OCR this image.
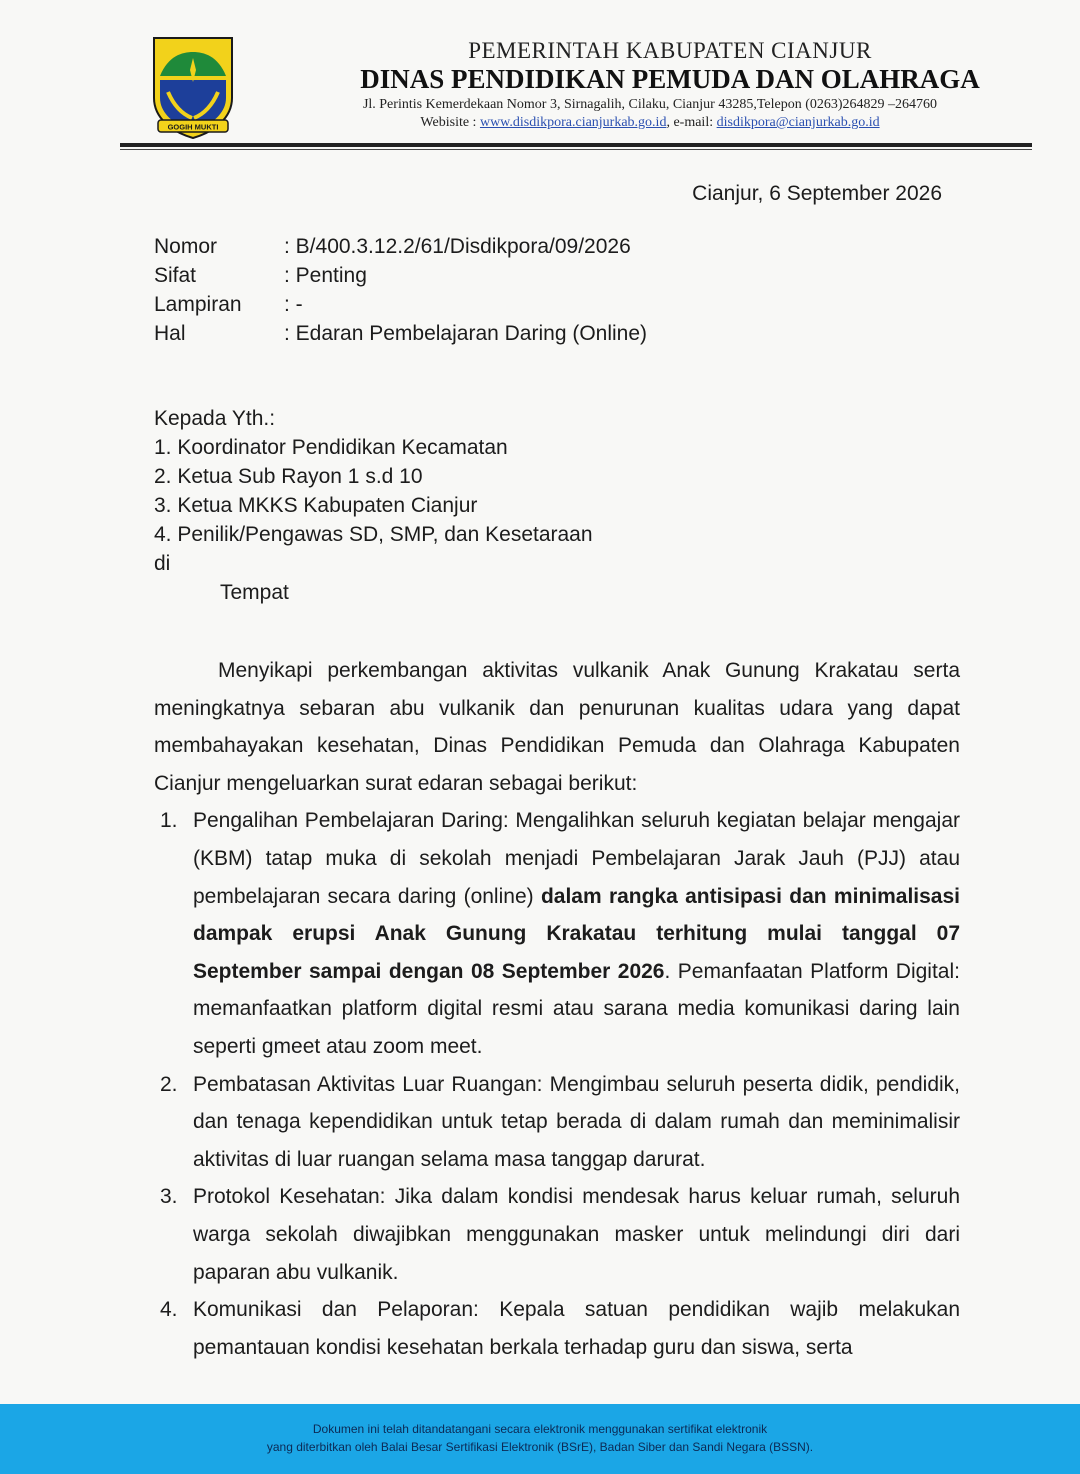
GOGIH MUKTI
PEMERINTAH KABUPATEN CIANJUR
DINAS PENDIDIKAN PEMUDA DAN OLAHRAGA
Jl. Perintis Kemerdekaan Nomor 3, Sirnagalih, Cilaku, Cianjur 43285,Telepon (0263)264829 –264760
Webisite : www.disdikpora.cianjurkab.go.id, e-mail: disdikpora@cianjurkab.go.id
Cianjur, 6 September 2026
Nomor	: B/400.3.12.2/61/Disdikpora/09/2026
Sifat	: Penting
Lampiran	: -
Hal	: Edaran Pembelajaran Daring (Online)
Kepada Yth.:
1. Koordinator Pendidikan Kecamatan
2. Ketua Sub Rayon 1 s.d 10
3. Ketua MKKS Kabupaten Cianjur
4. Penilik/Pengawas SD, SMP, dan Kesetaraan
di
Tempat

Menyikapi perkembangan aktivitas vulkanik Anak Gunung Krakatau serta meningkatnya sebaran abu vulkanik dan penurunan kualitas udara yang dapat membahayakan kesehatan, Dinas Pendidikan Pemuda dan Olahraga Kabupaten Cianjur mengeluarkan surat edaran sebagai berikut:

1. Pengalihan Pembelajaran Daring: Mengalihkan seluruh kegiatan belajar mengajar (KBM) tatap muka di sekolah menjadi Pembelajaran Jarak Jauh (PJJ) atau pembelajaran secara daring (online) dalam rangka antisipasi dan minimalisasi dampak erupsi Anak Gunung Krakatau terhitung mulai tanggal 07 September sampai dengan 08 September 2026. Pemanfaatan Platform Digital: memanfaatkan platform digital resmi atau sarana media komunikasi daring lain seperti gmeet atau zoom meet.
2. Pembatasan Aktivitas Luar Ruangan: Mengimbau seluruh peserta didik, pendidik, dan tenaga kependidikan untuk tetap berada di dalam rumah dan meminimalisir aktivitas di luar ruangan selama masa tanggap darurat.
3. Protokol Kesehatan: Jika dalam kondisi mendesak harus keluar rumah, seluruh warga sekolah diwajibkan menggunakan masker untuk melindungi diri dari paparan abu vulkanik.
4. Komunikasi dan Pelaporan: Kepala satuan pendidikan wajib melakukan pemantauan kondisi kesehatan berkala terhadap guru dan siswa, serta
Dokumen ini telah ditandatangani secara elektronik menggunakan sertifikat elektronik
yang diterbitkan oleh Balai Besar Sertifikasi Elektronik (BSrE), Badan Siber dan Sandi Negara (BSSN).
